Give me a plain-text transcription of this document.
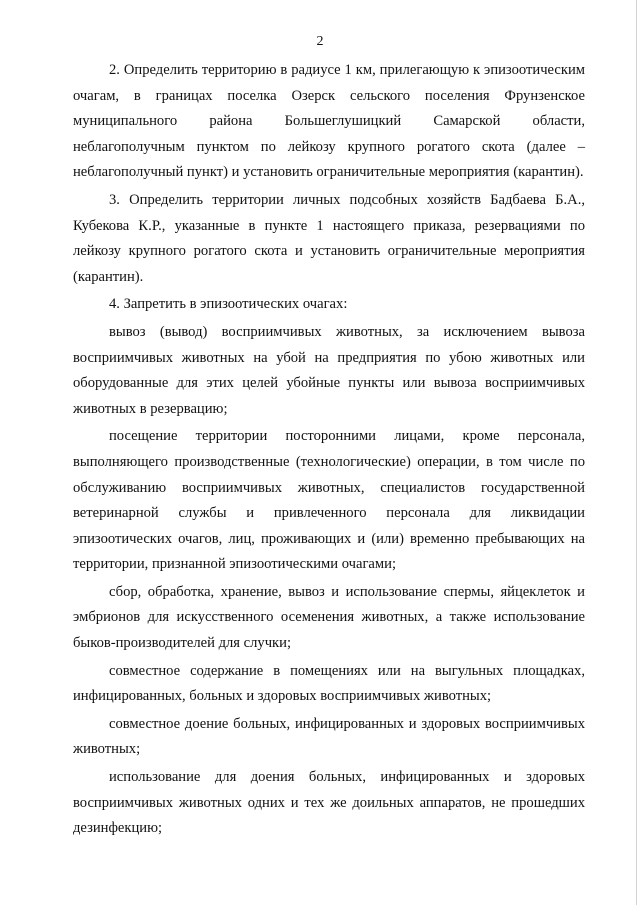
2

2. Определить территорию в радиусе 1 км, прилегающую к эпизоотическим очагам, в границах поселка Озерск сельского поселения Фрунзенское муниципального района Большеглушицкий Самарской области, неблагополучным пунктом по лейкозу крупного рогатого скота (далее – неблагополучный пункт) и установить ограничительные мероприятия (карантин).

3. Определить территории личных подсобных хозяйств Бадбаева Б.А., Кубекова К.Р., указанные в пункте 1 настоящего приказа, резервациями по лейкозу крупного рогатого скота и установить ограничительные мероприятия (карантин).

4. Запретить в эпизоотических очагах:

вывоз (вывод) восприимчивых животных, за исключением вывоза восприимчивых животных на убой на предприятия по убою животных или оборудованные для этих целей убойные пункты или вывоза восприимчивых животных в резервацию;

посещение территории посторонними лицами, кроме персонала, выполняющего производственные (технологические) операции, в том числе по обслуживанию восприимчивых животных, специалистов государственной ветеринарной службы и привлеченного персонала для ликвидации эпизоотических очагов, лиц, проживающих и (или) временно пребывающих на территории, признанной эпизоотическими очагами;

сбор, обработка, хранение, вывоз и использование спермы, яйцеклеток и эмбрионов для искусственного осеменения животных, а также использование быков-производителей для случки;

совместное содержание в помещениях или на выгульных площадках, инфицированных, больных и здоровых восприимчивых животных;

совместное доение больных, инфицированных и здоровых восприимчивых животных;

использование для доения больных, инфицированных и здоровых восприимчивых животных одних и тех же доильных аппаратов, не прошедших дезинфекцию;
